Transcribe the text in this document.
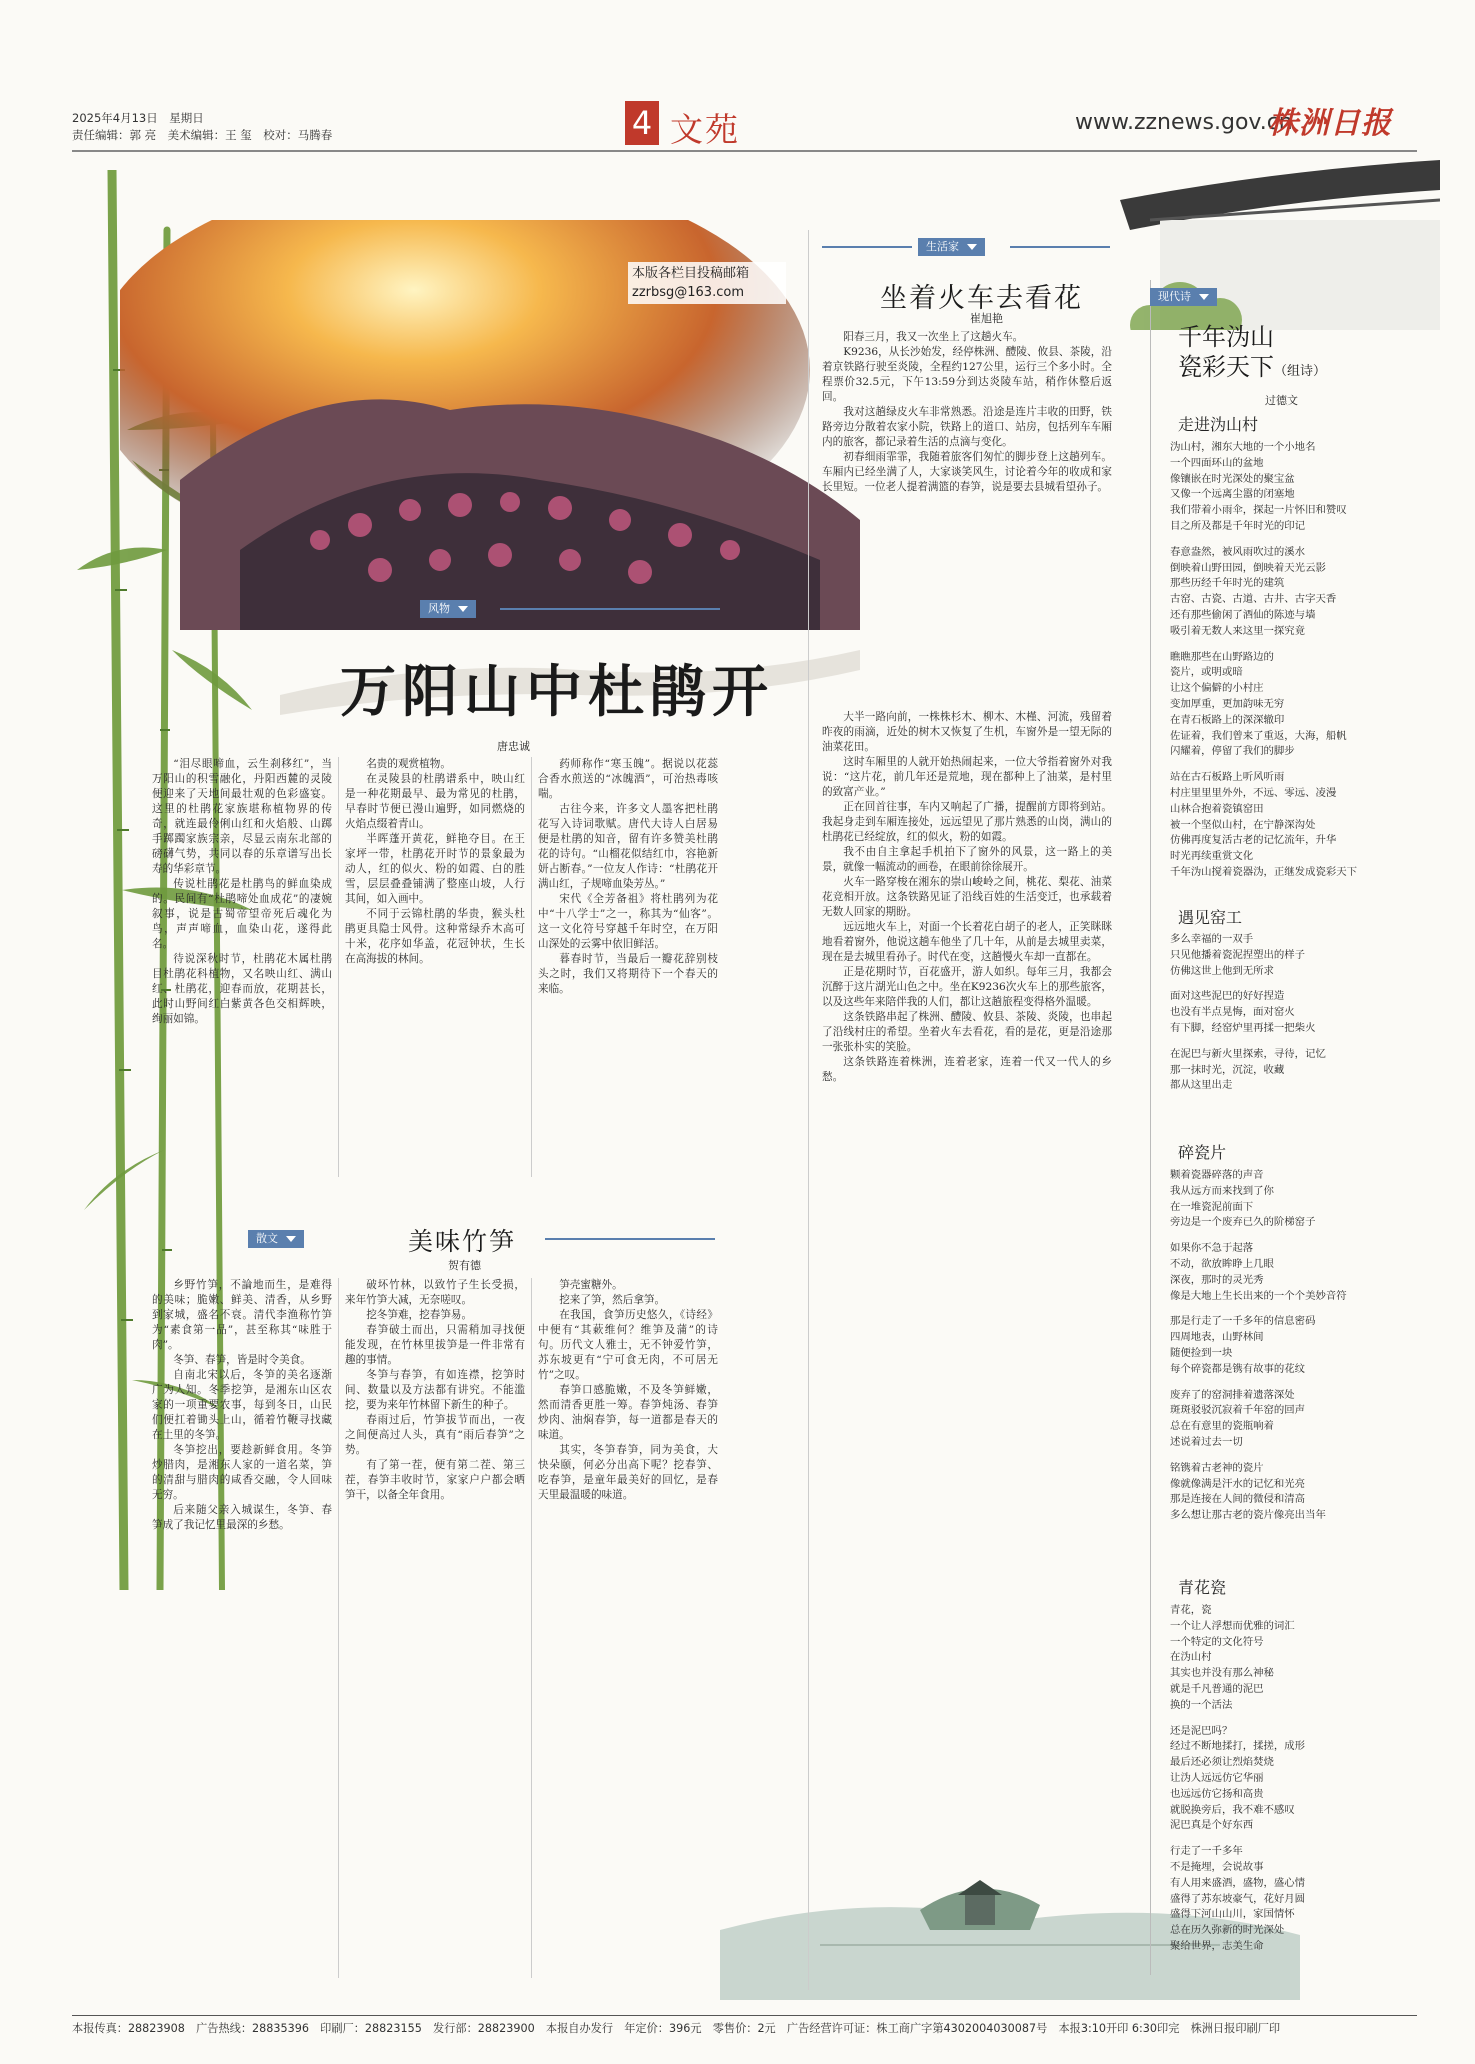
2025年4月13日　星期日
责任编辑：郭 亮　美术编辑：王 玺　校对：马腾春	4 文苑	www.zznews.gov.cn
株洲日报
本版各栏目投稿邮箱
zzrbsg@163.com
风物
万阳山中杜鹃开
唐忠诚

“泪尽眼啼血，云生刹移红”，当万阳山的积雪融化，丹阳西麓的灵陵便迎来了天地间最壮观的色彩盛宴。这里的杜鹃花家族堪称植物界的传奇，就连最伶俐山红和火焰般、山踯手踯躅家族宗亲，尽显云南东北部的磅礴气势，共同以春的乐章谱写出长寿的华彩章节。

传说杜鹃花是杜鹃鸟的鲜血染成的。民间有“杜鹃啼处血成花”的凄婉叙事，说是古蜀帝望帝死后魂化为鸟，声声啼血，血染山花，遂得此名。

待说深秋时节，杜鹃花木属杜鹃目杜鹃花科植物，又名映山红、满山红、杜鹃花，迎春而放，花期甚长，此时山野间红白紫黄各色交相辉映，绚丽如锦。

名贵的观赏植物。

在灵陵县的杜鹃谱系中，映山红是一种花期最早、最为常见的杜鹃，早春时节便已漫山遍野，如同燃烧的火焰点缀着青山。

半晖蓬开黄花，鲜艳夺目。在王家坪一带，杜鹃花开时节的景象最为动人，红的似火、粉的如霞、白的胜雪，层层叠叠铺满了整座山坡，人行其间，如入画中。

不同于云锦杜鹃的华贵，猴头杜鹃更具隐士风骨。这种常绿乔木高可十米，花序如华盖，花冠钟状，生长在高海拔的林间。

药师称作“寒玉魄”。据说以花蕊合香水煎送的“冰魄酒”，可治热毒咳喘。

古往今来，许多文人墨客把杜鹃花写入诗词歌赋。唐代大诗人白居易便是杜鹃的知音，留有许多赞美杜鹃花的诗句。“山榴花似结红巾，容艳新妍占断春。”一位友人作诗：“杜鹃花开满山红，子规啼血染芳丛。”

宋代《全芳备祖》将杜鹃列为花中“十八学士”之一，称其为“仙客”。这一文化符号穿越千年时空，在万阳山深处的云雾中依旧鲜活。

暮春时节，当最后一瓣花辞别枝头之时，我们又将期待下一个春天的来临。

生活家
坐着火车去看花
崔旭艳

阳春三月，我又一次坐上了这趟火车。

K9236，从长沙始发，经停株洲、醴陵、攸县、茶陵，沿着京铁路行驶至炎陵，全程约127公里，运行三个多小时。全程票价32.5元，下午13:59分到达炎陵车站，稍作休整后返回。

我对这趟绿皮火车非常熟悉。沿途是连片丰收的田野，铁路旁边分散着农家小院，铁路上的道口、站房，包括列车车厢内的旅客，都记录着生活的点滴与变化。

初春细雨霏霏，我随着旅客们匆忙的脚步登上这趟列车。车厢内已经坐满了人，大家谈笑风生，讨论着今年的收成和家长里短。一位老人提着满篮的春笋，说是要去县城看望孙子。

大半一路向前，一株株杉木、柳木、木槿、河流，残留着昨夜的雨滴，近处的树木又恢复了生机，车窗外是一望无际的油菜花田。

这时车厢里的人就开始热闹起来，一位大爷指着窗外对我说：“这片花，前几年还是荒地，现在都种上了油菜，是村里的致富产业。”

正在回首往事，车内又响起了广播，提醒前方即将到站。我起身走到车厢连接处，远远望见了那片熟悉的山岗，满山的杜鹃花已经绽放，红的似火，粉的如霞。

我不由自主拿起手机拍下了窗外的风景，这一路上的美景，就像一幅流动的画卷，在眼前徐徐展开。

火车一路穿梭在湘东的崇山峻岭之间，桃花、梨花、油菜花竞相开放。这条铁路见证了沿线百姓的生活变迁，也承载着无数人回家的期盼。

远远地火车上，对面一个长着花白胡子的老人，正笑眯眯地看着窗外，他说这趟车他坐了几十年，从前是去城里卖菜，现在是去城里看孙子。时代在变，这趟慢火车却一直都在。

正是花期时节，百花盛开，游人如织。每年三月，我都会沉醉于这片湖光山色之中。坐在K9236次火车上的那些旅客，以及这些年来陪伴我的人们，都让这趟旅程变得格外温暖。

这条铁路串起了株洲、醴陵、攸县、茶陵、炎陵，也串起了沿线村庄的希望。坐着火车去看花，看的是花，更是沿途那一张张朴实的笑脸。

这条铁路连着株洲，连着老家，连着一代又一代人的乡愁。

散文	美味竹笋
贺有德

乡野竹笋，不論地而生，是难得的美味；脆嫩、鲜美、清香，从乡野到家城，盛名不衰。清代李渔称竹笋为“素食第一品”，甚至称其“味胜于肉”。

冬笋、春笋，皆是时令美食。

自南北宋以后，冬笋的美名逐渐广为人知。冬季挖笋，是湘东山区农家的一项重要农事，每到冬日，山民们便扛着锄头上山，循着竹鞭寻找藏在土里的冬笋。

冬笋挖出，要趁新鲜食用。冬笋炒腊肉，是湘东人家的一道名菜，笋的清甜与腊肉的咸香交融，令人回味无穷。

后来随父亲入城谋生，冬笋、春笋成了我记忆里最深的乡愁。

破坏竹林，以致竹子生长受损，来年竹笋大减，无奈嗟叹。

挖冬笋难，挖春笋易。

春笋破土而出，只需稍加寻找便能发现，在竹林里拔笋是一件非常有趣的事情。

冬笋与春笋，有如连襟，挖笋时间、数量以及方法都有讲究。不能滥挖，要为来年竹林留下新生的种子。

春雨过后，竹笋拔节而出，一夜之间便高过人头，真有“雨后春笋”之势。

有了第一茬，便有第二茬、第三茬，春笋丰收时节，家家户户都会晒笋干，以备全年食用。

笋壳蜜糖外。

挖来了笋，然后拿笋。

在我国，食笋历史悠久，《诗经》中便有“其蔌维何？维笋及蒲”的诗句。历代文人雅士，无不钟爱竹笋，苏东坡更有“宁可食无肉，不可居无竹”之叹。

春笋口感脆嫩，不及冬笋鲜嫩，然而清香更胜一筹。春笋炖汤、春笋炒肉、油焖春笋，每一道都是春天的味道。

其实，冬笋春笋，同为美食，大快朵颐，何必分出高下呢？挖春笋、吃春笋，是童年最美好的回忆，是春天里最温暖的味道。

现代诗
千年沩山
瓷彩天下（组诗）
过德文
走进沩山村
沩山村，湘东大地的一个小地名
一个四面环山的盆地
像镶嵌在时光深处的聚宝盆
又像一个远离尘嚣的闭塞地
我们带着小雨伞，探起一片怀旧和赞叹
目之所及都是千年时光的印记
春意盎然，被风雨吹过的溪水
倒映着山野田园，倒映着天光云影
那些历经千年时光的建筑
古窑、古瓷、古道、古井、古字天香
还有那些偷闲了酒仙的陈迹与墙
吸引着无数人来这里一探究竟
瞧瞧那些在山野路边的
瓷片，或明或暗
让这个偏僻的小村庄
变加厚重，更加韵味无穷
在青石板路上的深深辙印
佐证着，我们曾来了重返，大海，船帆
闪耀着，停留了我们的脚步
站在古石板路上听风听雨
村庄里里里外外，不远、零远、凌漫
山林合抱着瓷镇窑田
被一个坚似山村，在宁静深沟处
仿佛再度复活古老的记忆流年，升华
时光再续重赏文化
千年沩山搅着瓷器沩，正继发成瓷彩天下
遇见窑工
多么幸福的一双手
只见他播着瓷泥捏塑出的样子
仿佛这世上他到无所求
面对这些泥巴的好好捏造
也没有半点晃悔，面对窑火
有下脚，经窑炉里再揉一把柴火
在泥巴与新火里探索，寻待，记忆
那一抹时光，沉淀，收藏
都从这里出走
碎瓷片
颗着瓷器碎落的声音
我从远方而来找到了你
在一堆瓷泥前面下
旁边是一个废弃已久的阶梯窑子
如果你不急于起落
不动，欲放眸睁上几眼
深夜，那时的灵光秀
像是大地上生长出来的一个个美妙音符
那是行走了一千多年的信息密码
四周地表，山野林间
随便捡到一块
每个碎瓷都是镌有故事的花纹
废弃了的窑洞排着遗落深处
斑斑驳驳沉寂着千年窑的回声
总在有意里的瓷瓶响着
述说着过去一切
铭镌着古老神的瓷片
像就像满是汗水的记忆和光亮
那是连接在人间的微侵和清高
多么想让那古老的瓷片像亮出当年
青花瓷
青花，瓷
一个让人浮想而优雅的词汇
一个特定的文化符号
在沩山村
其实也并没有那么神秘
就是千凡普通的泥巴
换的一个活法
还是泥巴吗？
经过不断地揉打，揉搓，成形
最后还必须让烈焰焚烧
让沩人远远仿它华丽
也远远仿它扬和高贵
就脱换旁后，我不难不感叹
泥巴真是个好东西
行走了一千多年
不是掩埋，会说故事
有人用来盛酒，盛物，盛心情
盛得了苏东坡豪气，花好月圆
盛得下河山山川，家国情怀
总在历久弥新的时光深处
聚给世界，志美生命
本报传真：28823908　广告热线：28835396　印刷厂：28823155　发行部：28823900　本报自办发行　年定价：396元　零售价：2元　广告经营许可证：株工商广字第4302004030087号　本报3:10开印 6:30印完　株洲日报印刷厂印
